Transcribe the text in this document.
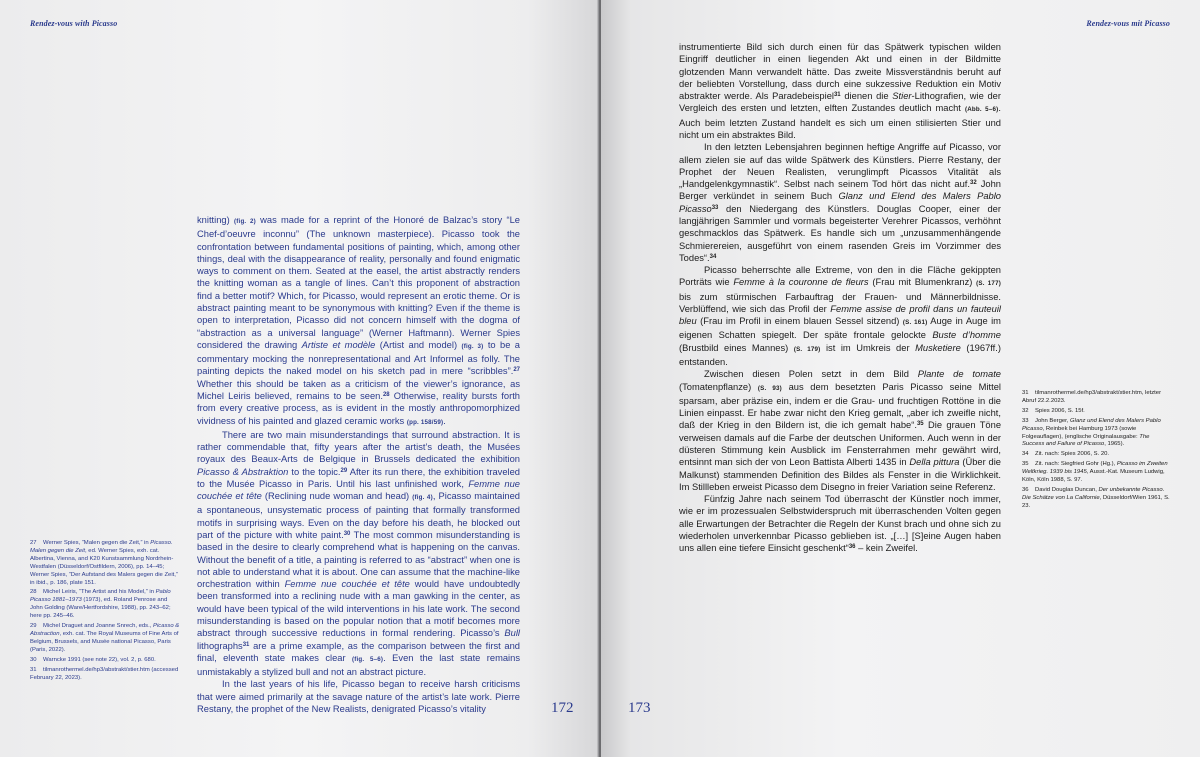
Rendez-vous with Picasso

knitting) (fig. 2) was made for a reprint of the Honoré de Balzac’s story “Le Chef-d’oeuvre inconnu” (The unknown masterpiece). Picasso took the confrontation between fundamental positions of painting, which, among other things, deal with the disappearance of reality, personally and found enigmatic ways to comment on them. Seated at the easel, the artist abstractly renders the knitting woman as a tangle of lines. Can’t this proponent of abstraction find a better motif? Which, for Picasso, would represent an erotic theme. Or is abstract painting meant to be synonymous with knitting? Even if the theme is open to interpretation, Picasso did not concern himself with the dogma of “abstraction as a universal language” (Werner Haftmann). Werner Spies considered the drawing Artiste et modèle (Artist and model) (fig. 3) to be a commentary mocking the nonrepresentational and Art Informel as folly. The painting depicts the naked model on his sketch pad in mere “scribbles”.$^{27}$ Whether this should be taken as a criticism of the viewer’s ignorance, as Michel Leiris believed, remains to be seen.$^{28}$ Otherwise, reality bursts forth from every creative process, as is evident in the mostly anthropomorphized vividness of his painted and glazed ceramic works (pp. 158/59).

There are two main misunderstandings that surround abstraction. It is rather commendable that, fifty years after the artist’s death, the Musées royaux des Beaux-Arts de Belgique in Brussels dedicated the exhibition Picasso & Abstraktion to the topic.$^{29}$ After its run there, the exhibition traveled to the Musée Picasso in Paris. Until his last unfinished work, Femme nue couchée et tête (Reclining nude woman and head) (fig. 4), Picasso maintained a spontaneous, unsystematic process of painting that formally transformed motifs in surprising ways. Even on the day before his death, he blocked out part of the picture with white paint.$^{30}$ The most common misunderstanding is based in the desire to clearly comprehend what is happening on the canvas. Without the benefit of a title, a painting is referred to as “abstract” when one is not able to understand what it is about. One can assume that the machine-like orchestration within Femme nue couchée et tête would have undoubtedly been transformed into a reclining nude with a man gawking in the center, as would have been typical of the wild interventions in his late work. The second misunderstanding is based on the popular notion that a motif becomes more abstract through successive reductions in formal rendering. Picasso’s Bull lithographs$^{31}$ are a prime example, as the comparison between the first and final, eleventh state makes clear (fig. 5–6). Even the last state remains unmistakably a stylized bull and not an abstract picture.

In the last years of his life, Picasso began to receive harsh criticisms that were aimed primarily at the savage nature of the artist’s late work. Pierre Restany, the prophet of the New Realists, denigrated Picasso’s vitality

27 Werner Spies, “Malen gegen die Zeit,” in Picasso. Malen gegen die Zeit, ed. Werner Spies, exh. cat. Albertina, Vienna, and K20 Kunstsammlung Nordrhein-Westfalen (Düsseldorf/Ostfildern, 2006), pp. 14–45; Werner Spies, “Der Aufstand des Malers gegen die Zeit,” in ibid., p. 186, plate 151.

28 Michel Leiris, “The Artist and his Model,” in Pablo Picasso 1881–1973 (1973), ed. Roland Penrose and John Golding (Ware/Hertfordshire, 1988), pp. 243–62; here pp. 245–46.

29 Michel Draguet and Joanne Snrech, eds., Picasso & Abstraction, exh. cat. The Royal Museums of Fine Arts of Belgium, Brussels, and Musée national Picasso, Paris (Paris, 2022).

30 Warncke 1991 (see note 22), vol. 2, p. 680.

31 tilmanrothermel.de/hp3/abstrakt/stier.htm (accessed February 22, 2023).

172
Rendez-vous mit Picasso

instrumentierte Bild sich durch einen für das Spätwerk typischen wilden Eingriff deutlicher in einen liegenden Akt und einen in der Bildmitte glotzenden Mann verwandelt hätte. Das zweite Missverständnis beruht auf der beliebten Vorstellung, dass durch eine sukzessive Reduktion ein Motiv abstrakter werde. Als Paradebeispiel$^{31}$ dienen die Stier-Lithografien, wie der Vergleich des ersten und letzten, elften Zustandes deutlich macht (Abb. 5–6). Auch beim letzten Zustand handelt es sich um einen stilisierten Stier und nicht um ein abstraktes Bild.

In den letzten Lebensjahren beginnen heftige Angriffe auf Picasso, vor allem zielen sie auf das wilde Spätwerk des Künstlers. Pierre Restany, der Prophet der Neuen Realisten, verunglimpft Picassos Vitalität als „Handgelenkgymnastik“. Selbst nach seinem Tod hört das nicht auf.$^{32}$ John Berger verkündet in seinem Buch Glanz und Elend des Malers Pablo Picasso$^{33}$ den Niedergang des Künstlers. Douglas Cooper, einer der langjährigen Sammler und vormals begeisterter Verehrer Picassos, verhöhnt geschmacklos das Spätwerk. Es handle sich um „unzusammenhängende Schmierereien, ausgeführt von einem rasenden Greis im Vorzimmer des Todes“.$^{34}$

Picasso beherrschte alle Extreme, von den in die Fläche gekippten Porträts wie Femme à la couronne de fleurs (Frau mit Blumenkranz) (S. 177) bis zum stürmischen Farbauftrag der Frauen- und Männerbildnisse. Verblüffend, wie sich das Profil der Femme assise de profil dans un fauteuil bleu (Frau im Profil in einem blauen Sessel sitzend) (S. 161) Auge in Auge im eigenen Schatten spiegelt. Der späte frontale gelockte Buste d’homme (Brustbild eines Mannes) (S. 179) ist im Umkreis der Musketiere (1967ff.) entstanden.

Zwischen diesen Polen setzt in dem Bild Plante de tomate (Tomatenpflanze) (S. 93) aus dem besetzten Paris Picasso seine Mittel sparsam, aber präzise ein, indem er die Grau- und fruchtigen Rottöne in die Linien einpasst. Er habe zwar nicht den Krieg gemalt, „aber ich zweifle nicht, daß der Krieg in den Bildern ist, die ich gemalt habe“.$^{35}$ Die grauen Töne verweisen damals auf die Farbe der deutschen Uniformen. Auch wenn in der düsteren Stimmung kein Ausblick im Fensterrahmen mehr gewährt wird, entsinnt man sich der von Leon Battista Alberti 1435 in Della pittura (Über die Malkunst) stammenden Definition des Bildes als Fenster in die Wirklichkeit. Im Stillleben erweist Picasso dem Disegno in freier Variation seine Referenz.

Fünfzig Jahre nach seinem Tod überrascht der Künstler noch immer, wie er im prozessualen Selbstwiderspruch mit überraschenden Volten gegen alle Erwartungen der Betrachter die Regeln der Kunst brach und ohne sich zu wiederholen unverkennbar Picasso geblieben ist. „[…] [S]eine Augen haben uns allen eine tiefere Einsicht geschenkt“$^{36}$ – kein Zweifel.

31 tilmanrothermel.de/hp3/abstrakt/stier.htm, letzter Abruf 22.2.2023.

32 Spies 2006, S. 15f.

33 John Berger, Glanz und Elend des Malers Pablo Picasso, Reinbek bei Hamburg 1973 (sowie Folgeauflagen), (englische Originalausgabe: The Success and Failure of Picasso, 1965).

34 Zit. nach: Spies 2006, S. 20.

35 Zit. nach: Siegfried Gohr (Hg.), Picasso im Zweiten Weltkrieg. 1939 bis 1945, Ausst.-Kat. Museum Ludwig, Köln, Köln 1988, S. 97.

36 David Douglas Duncan, Der unbekannte Picasso. Die Schätze von La Californie, Düsseldorf/Wien 1961, S. 23.

173
